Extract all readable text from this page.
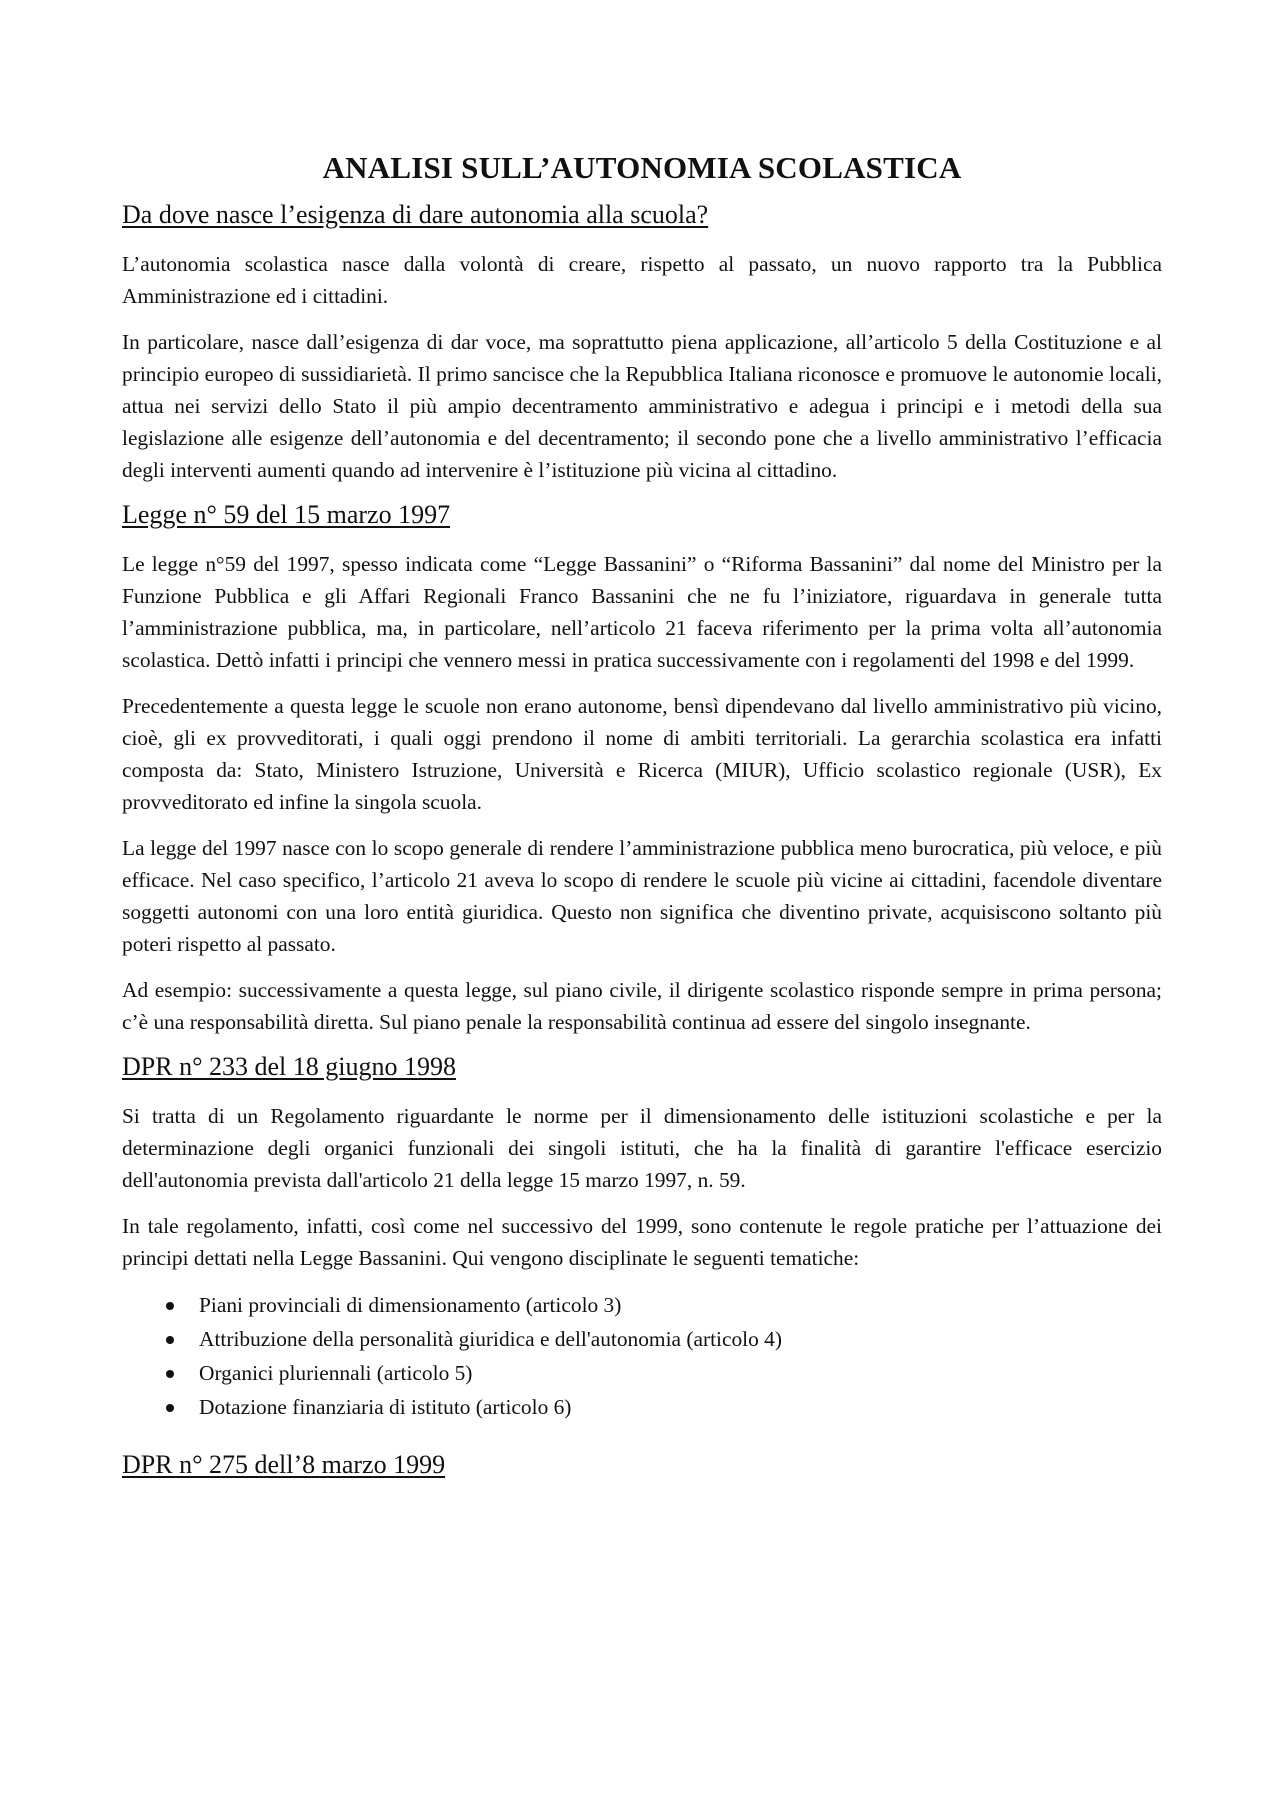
ANALISI SULL’AUTONOMIA SCOLASTICA
Da dove nasce l’esigenza di dare autonomia alla scuola?

L’autonomia scolastica nasce dalla volontà di creare, rispetto al passato, un nuovo rapporto tra la Pubblica Amministrazione ed i cittadini.

In particolare, nasce dall’esigenza di dar voce, ma soprattutto piena applicazione, all’articolo 5 della Costituzione e al principio europeo di sussidiarietà. Il primo sancisce che la Repubblica Italiana riconosce e promuove le autonomie locali, attua nei servizi dello Stato il più ampio decentramento amministrativo e adegua i principi e i metodi della sua legislazione alle esigenze dell’autonomia e del decentramento; il secondo pone che a livello amministrativo l’efficacia degli interventi aumenti quando ad intervenire è l’istituzione più vicina al cittadino.

Legge n° 59 del 15 marzo 1997

Le legge n°59 del 1997, spesso indicata come “Legge Bassanini” o “Riforma Bassanini” dal nome del Ministro per la Funzione Pubblica e gli Affari Regionali Franco Bassanini che ne fu l’iniziatore, riguardava in generale tutta l’amministrazione pubblica, ma, in particolare, nell’articolo 21 faceva riferimento per la prima volta all’autonomia scolastica. Dettò infatti i principi che vennero messi in pratica successivamente con i regolamenti del 1998 e del 1999.

Precedentemente a questa legge le scuole non erano autonome, bensì dipendevano dal livello amministrativo più vicino, cioè, gli ex provveditorati, i quali oggi prendono il nome di ambiti territoriali. La gerarchia scolastica era infatti composta da: Stato, Ministero Istruzione, Università e Ricerca (MIUR), Ufficio scolastico regionale (USR), Ex provveditorato ed infine la singola scuola.

La legge del 1997 nasce con lo scopo generale di rendere l’amministrazione pubblica meno burocratica, più veloce, e più efficace. Nel caso specifico, l’articolo 21 aveva lo scopo di rendere le scuole più vicine ai cittadini, facendole diventare soggetti autonomi con una loro entità giuridica. Questo non significa che diventino private, acquisiscono soltanto più poteri rispetto al passato.

Ad esempio: successivamente a questa legge, sul piano civile, il dirigente scolastico risponde sempre in prima persona; c’è una responsabilità diretta. Sul piano penale la responsabilità continua ad essere del singolo insegnante.

DPR n° 233 del 18 giugno 1998

Si tratta di un Regolamento riguardante le norme per il dimensionamento delle istituzioni scolastiche e per la determinazione degli organici funzionali dei singoli istituti, che ha la finalità di garantire l'efficace esercizio dell'autonomia prevista dall'articolo 21 della legge 15 marzo 1997, n. 59.

In tale regolamento, infatti, così come nel successivo del 1999, sono contenute le regole pratiche per l’attuazione dei principi dettati nella Legge Bassanini. Qui vengono disciplinate le seguenti tematiche:

Piani provinciali di dimensionamento (articolo 3)
Attribuzione della personalità giuridica e dell'autonomia (articolo 4)
Organici pluriennali (articolo 5)
Dotazione finanziaria di istituto (articolo 6)
DPR n° 275 dell’8 marzo 1999
